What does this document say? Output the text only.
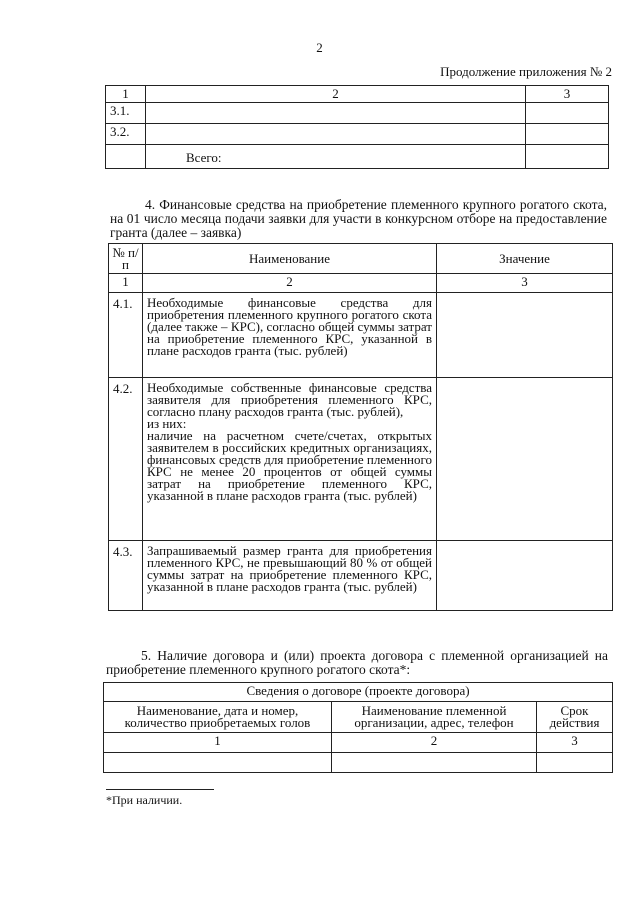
2
Продолжение приложения № 2
1	2	3
3.1.		
3.2.		
	Всего:	
4. Финансовые средства на приобретение племенного крупного рогатого скота, на 01 число месяца подачи заявки для участи в конкурсном отборе на предоставление гранта (далее – заявка)
№ п/п	Наименование	Значение
1	2	3
4.1.	Необходимые финансовые средства для приобретения племенного крупного рогатого скота (далее также – КРС), согласно общей суммы затрат на приобретение племенного КРС, указанной в плане расходов гранта (тыс. рублей)	
4.2.	Необходимые собственные финансовые средства заявителя для приобретения племенного КРС, согласно плану расходов гранта (тыс. рублей),
из них:
наличие на расчетном счете/счетах, открытых заявителем в российских кредитных организациях, финансовых средств для приобретение племенного КРС не менее 20 процентов от общей суммы затрат на приобретение племенного КРС, указанной в плане расходов гранта (тыс. рублей)	

4.3.	Запрашиваемый размер гранта для приобретения племенного КРС, не превышающий 80 % от общей суммы затрат на приобретение племенного КРС, указанной в плане расходов гранта (тыс. рублей)	
5. Наличие договора и (или) проекта договора с племенной организацией на приобретение племенного крупного рогатого скота*:
Сведения о договоре (проекте договора)		
Наименование, дата и номер, количество приобретаемых голов	Наименование племенной организации, адрес, телефон	Срок действия
1	2	3

*При наличии.
